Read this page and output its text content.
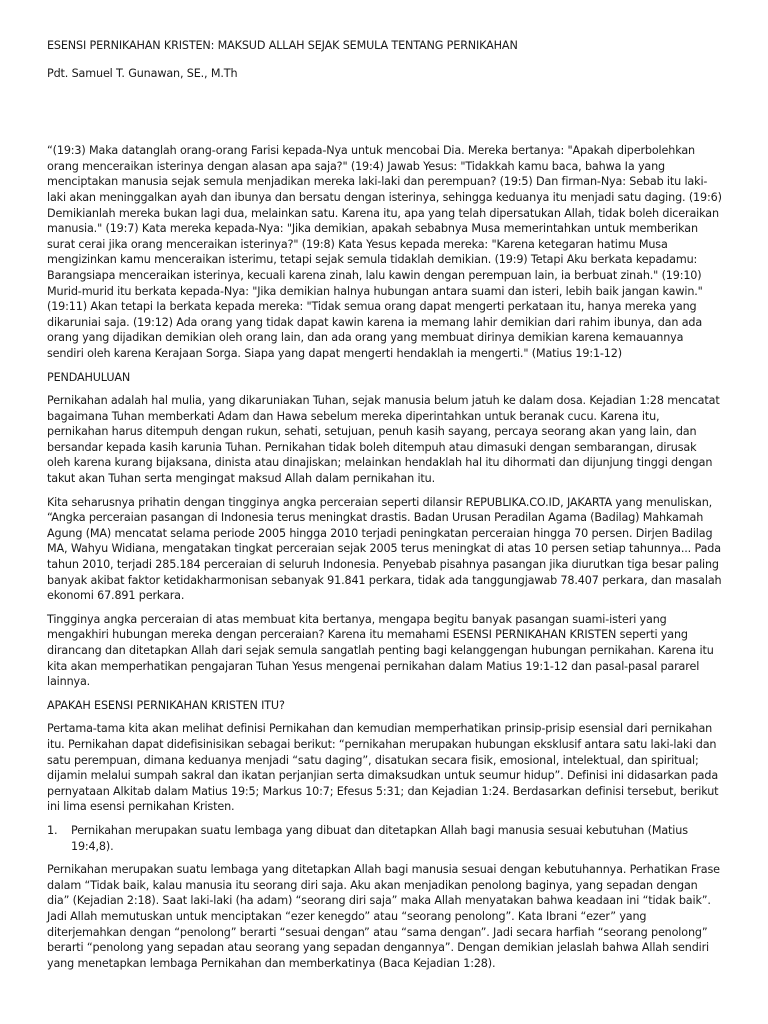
ESENSI PERNIKAHAN KRISTEN: MAKSUD ALLAH SEJAK SEMULA TENTANG PERNIKAHAN

Pdt. Samuel T. Gunawan, SE., M.Th

“(19:3) Maka datanglah orang-orang Farisi kepada-Nya untuk mencobai Dia. Mereka bertanya: "Apakah diperbolehkan orang menceraikan isterinya dengan alasan apa saja?" (19:4) Jawab Yesus: "Tidakkah kamu baca, bahwa Ia yang menciptakan manusia sejak semula menjadikan mereka laki-laki dan perempuan? (19:5) Dan firman-Nya: Sebab itu laki-laki akan meninggalkan ayah dan ibunya dan bersatu dengan isterinya, sehingga keduanya itu menjadi satu daging. (19:6) Demikianlah mereka bukan lagi dua, melainkan satu. Karena itu, apa yang telah dipersatukan Allah, tidak boleh diceraikan manusia." (19:7) Kata mereka kepada-Nya: "Jika demikian, apakah sebabnya Musa memerintahkan untuk memberikan surat cerai jika orang menceraikan isterinya?" (19:8) Kata Yesus kepada mereka: "Karena ketegaran hatimu Musa mengizinkan kamu menceraikan isterimu, tetapi sejak semula tidaklah demikian. (19:9) Tetapi Aku berkata kepadamu: Barangsiapa menceraikan isterinya, kecuali karena zinah, lalu kawin dengan perempuan lain, ia berbuat zinah." (19:10) Murid-murid itu berkata kepada-Nya: "Jika demikian halnya hubungan antara suami dan isteri, lebih baik jangan kawin." (19:11) Akan tetapi Ia berkata kepada mereka: "Tidak semua orang dapat mengerti perkataan itu, hanya mereka yang dikaruniai saja. (19:12) Ada orang yang tidak dapat kawin karena ia memang lahir demikian dari rahim ibunya, dan ada orang yang dijadikan demikian oleh orang lain, dan ada orang yang membuat dirinya demikian karena kemauannya sendiri oleh karena Kerajaan Sorga. Siapa yang dapat mengerti hendaklah ia mengerti." (Matius 19:1-12)

PENDAHULUAN

Pernikahan adalah hal mulia, yang dikaruniakan Tuhan, sejak manusia belum jatuh ke dalam dosa. Kejadian 1:28 mencatat bagaimana Tuhan memberkati Adam dan Hawa sebelum mereka diperintahkan untuk beranak cucu. Karena itu, pernikahan harus ditempuh dengan rukun, sehati, setujuan, penuh kasih sayang, percaya seorang akan yang lain, dan bersandar kepada kasih karunia Tuhan. Pernikahan tidak boleh ditempuh atau dimasuki dengan sembarangan, dirusak oleh karena kurang bijaksana, dinista atau dinajiskan; melainkan hendaklah hal itu dihormati dan dijunjung tinggi dengan takut akan Tuhan serta mengingat maksud Allah dalam pernikahan itu.

Kita seharusnya prihatin dengan tingginya angka perceraian seperti dilansir REPUBLIKA.CO.ID, JAKARTA yang menuliskan, “Angka perceraian pasangan di Indonesia terus meningkat drastis. Badan Urusan Peradilan Agama (Badilag) Mahkamah Agung (MA) mencatat selama periode 2005 hingga 2010 terjadi peningkatan perceraian hingga 70 persen. Dirjen Badilag MA, Wahyu Widiana, mengatakan tingkat perceraian sejak 2005 terus meningkat di atas 10 persen setiap tahunnya... Pada tahun 2010, terjadi 285.184 perceraian di seluruh Indonesia. Penyebab pisahnya pasangan jika diurutkan tiga besar paling banyak akibat faktor ketidakharmonisan sebanyak 91.841 perkara, tidak ada tanggungjawab 78.407 perkara, dan masalah ekonomi 67.891 perkara.

Tingginya angka perceraian di atas membuat kita bertanya, mengapa begitu banyak pasangan suami-isteri yang mengakhiri hubungan mereka dengan perceraian? Karena itu memahami ESENSI PERNIKAHAN KRISTEN seperti yang dirancang dan ditetapkan Allah dari sejak semula sangatlah penting bagi kelanggengan hubungan pernikahan. Karena itu kita akan memperhatikan pengajaran Tuhan Yesus mengenai pernikahan dalam Matius 19:1-12 dan pasal-pasal pararel lainnya.

APAKAH ESENSI PERNIKAHAN KRISTEN ITU?

Pertama-tama kita akan melihat definisi Pernikahan dan kemudian memperhatikan prinsip-prisip esensial dari pernikahan itu. Pernikahan dapat didefisinisikan sebagai berikut: “pernikahan merupakan hubungan eksklusif antara satu laki-laki dan satu perempuan, dimana keduanya menjadi “satu daging”, disatukan secara fisik, emosional, intelektual, dan spiritual; dijamin melalui sumpah sakral dan ikatan perjanjian serta dimaksudkan untuk seumur hidup”. Definisi ini didasarkan pada pernyataan Alkitab dalam Matius 19:5; Markus 10:7; Efesus 5:31; dan Kejadian 1:24. Berdasarkan definisi tersebut, berikut ini lima esensi pernikahan Kristen.

1.	Pernikahan merupakan suatu lembaga yang dibuat dan ditetapkan Allah bagi manusia sesuai kebutuhan (Matius 19:4,8).

Pernikahan merupakan suatu lembaga yang ditetapkan Allah bagi manusia sesuai dengan kebutuhannya. Perhatikan Frase dalam “Tidak baik, kalau manusia itu seorang diri saja. Aku akan menjadikan penolong baginya, yang sepadan dengan dia” (Kejadian 2:18). Saat laki-laki (ha adam) “seorang diri saja” maka Allah menyatakan bahwa keadaan ini “tidak baik”. Jadi Allah memutuskan untuk menciptakan “ezer kenegdo” atau “seorang penolong”. Kata Ibrani “ezer” yang diterjemahkan dengan “penolong” berarti “sesuai dengan” atau “sama dengan”. Jadi secara harfiah “seorang penolong” berarti “penolong yang sepadan atau seorang yang sepadan dengannya”. Dengan demikian jelaslah bahwa Allah sendiri yang menetapkan lembaga Pernikahan dan memberkatinya (Baca Kejadian 1:28).
